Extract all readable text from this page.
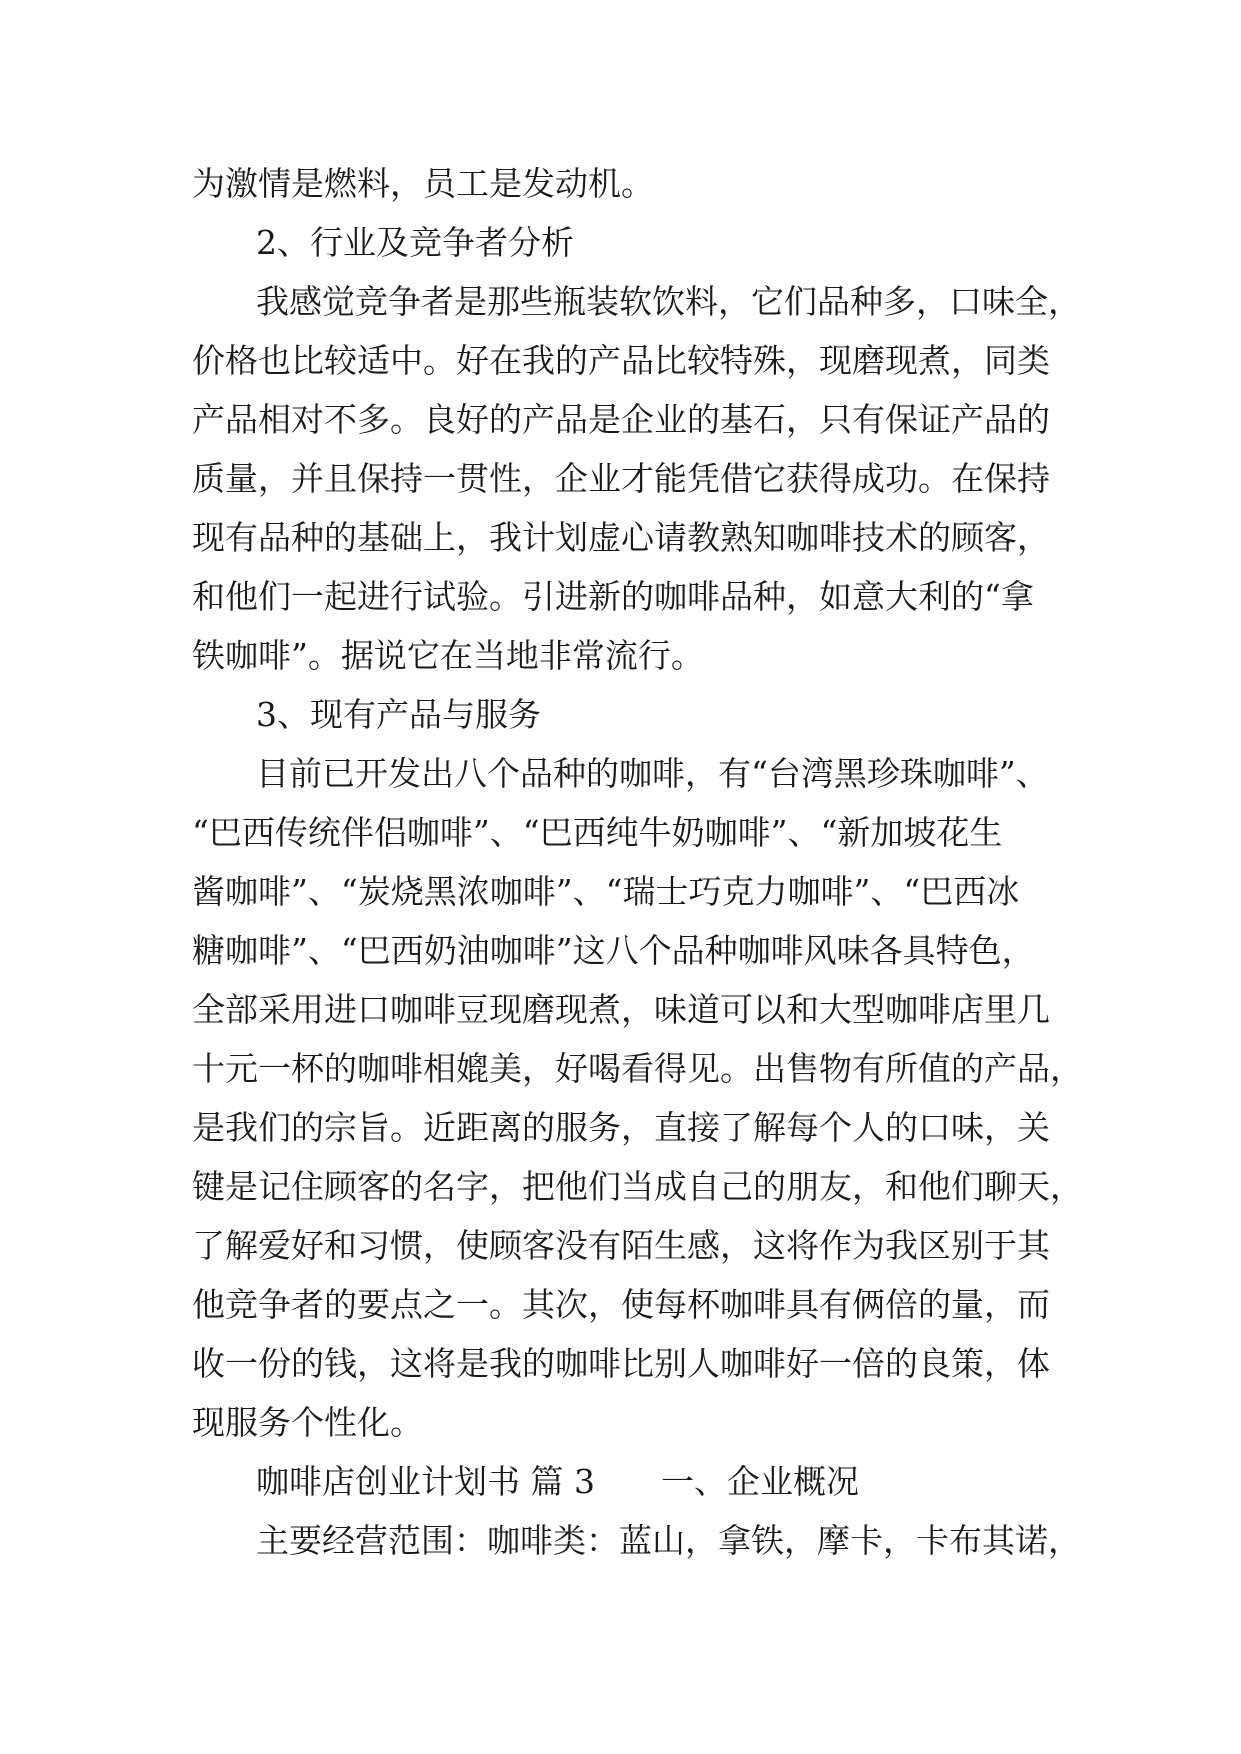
为激情是燃料，员工是发动机。
2、行业及竞争者分析
我感觉竞争者是那些瓶装软饮料，它们品种多，口味全，
价格也比较适中。好在我的产品比较特殊，现磨现煮，同类
产品相对不多。良好的产品是企业的基石，只有保证产品的
质量，并且保持一贯性，企业才能凭借它获得成功。在保持
现有品种的基础上，我计划虚心请教熟知咖啡技术的顾客，
和他们一起进行试验。引进新的咖啡品种，如意大利的“拿
铁咖啡”。据说它在当地非常流行。
3、现有产品与服务
目前已开发出八个品种的咖啡，有“台湾黑珍珠咖啡”、
“巴西传统伴侣咖啡”、“巴西纯牛奶咖啡”、“新加坡花生
酱咖啡”、“炭烧黑浓咖啡”、“瑞士巧克力咖啡”、“巴西冰
糖咖啡”、“巴西奶油咖啡”这八个品种咖啡风味各具特色，
全部采用进口咖啡豆现磨现煮，味道可以和大型咖啡店里几
十元一杯的咖啡相媲美，好喝看得见。出售物有所值的产品，
是我们的宗旨。近距离的服务，直接了解每个人的口味，关
键是记住顾客的名字，把他们当成自己的朋友，和他们聊天，
了解爱好和习惯，使顾客没有陌生感，这将作为我区别于其
他竞争者的要点之一。其次，使每杯咖啡具有俩倍的量，而
收一份的钱，这将是我的咖啡比别人咖啡好一倍的良策，体
现服务个性化。
咖啡店创业计划书 篇 3　　一、企业概况
主要经营范围：咖啡类：蓝山，拿铁，摩卡，卡布其诺，
